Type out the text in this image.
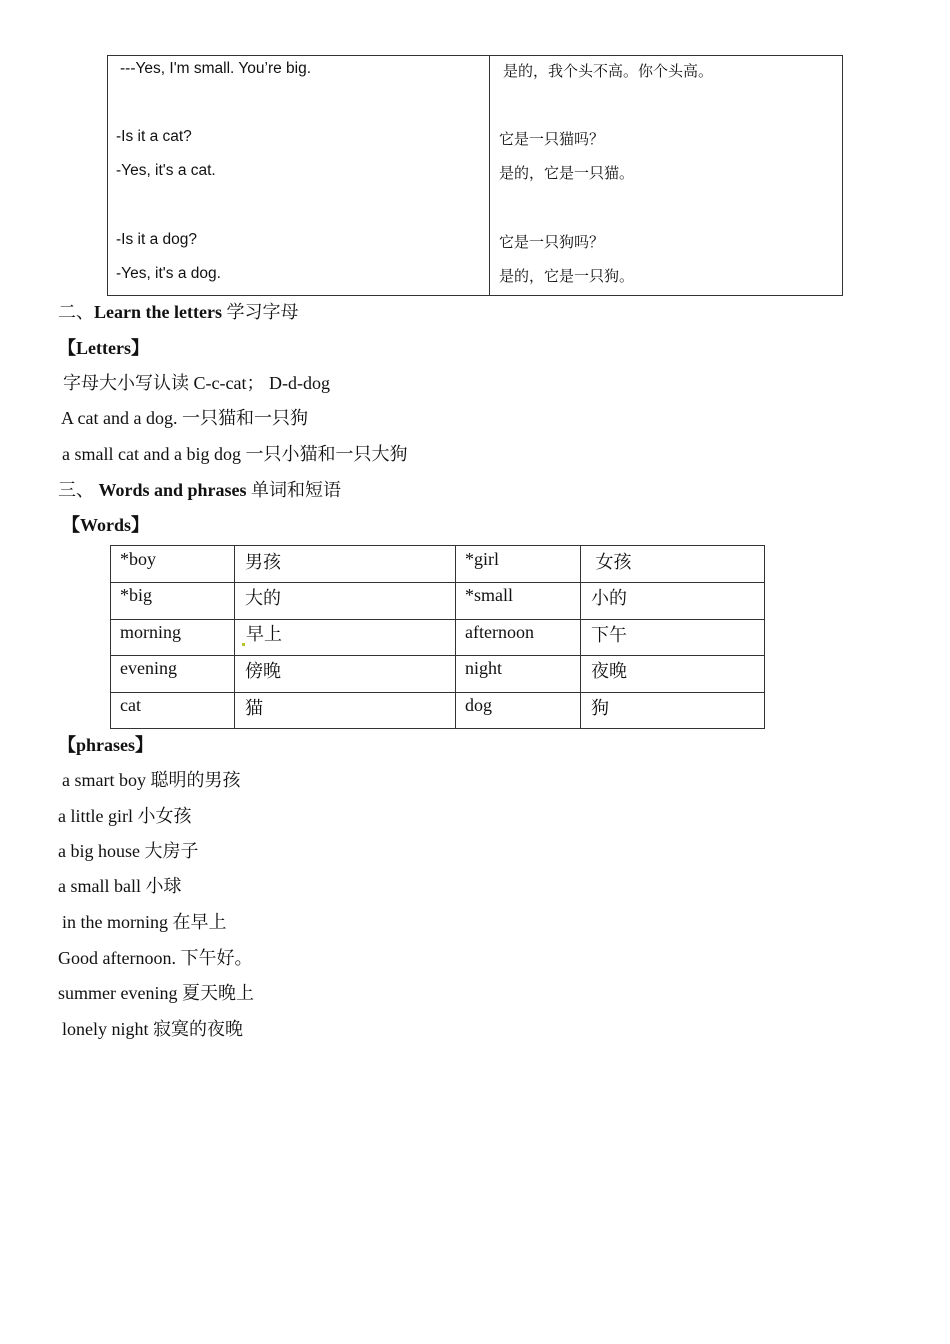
---Yes, I'm small. You’re big.	是的，我个头不高。你个头高。
-Is it a cat?	它是一只猫吗？
-Yes, it's a cat.	是的，它是一只猫。
-Is it a dog?	它是一只狗吗？
-Yes, it's a dog.	是的，它是一只狗。
二、Learn the letters 学习字母
【Letters】
字母大小写认读 C-c-cat； D-d-dog
A cat and a dog. 一只猫和一只狗
a small cat and a big dog 一只小猫和一只大狗
三、 Words and phrases 单词和短语
【Words】
*boy	男孩	*girl	女孩
*big	大的	*small	小的
morning	早上	afternoon	下午
evening	傍晚	night	夜晚
cat	猫	dog	狗
【phrases】
a smart boy 聪明的男孩
a little girl 小女孩
a big house 大房子
a small ball 小球
in the morning 在早上
Good afternoon. 下午好。
summer evening 夏天晚上
lonely night 寂寞的夜晚
